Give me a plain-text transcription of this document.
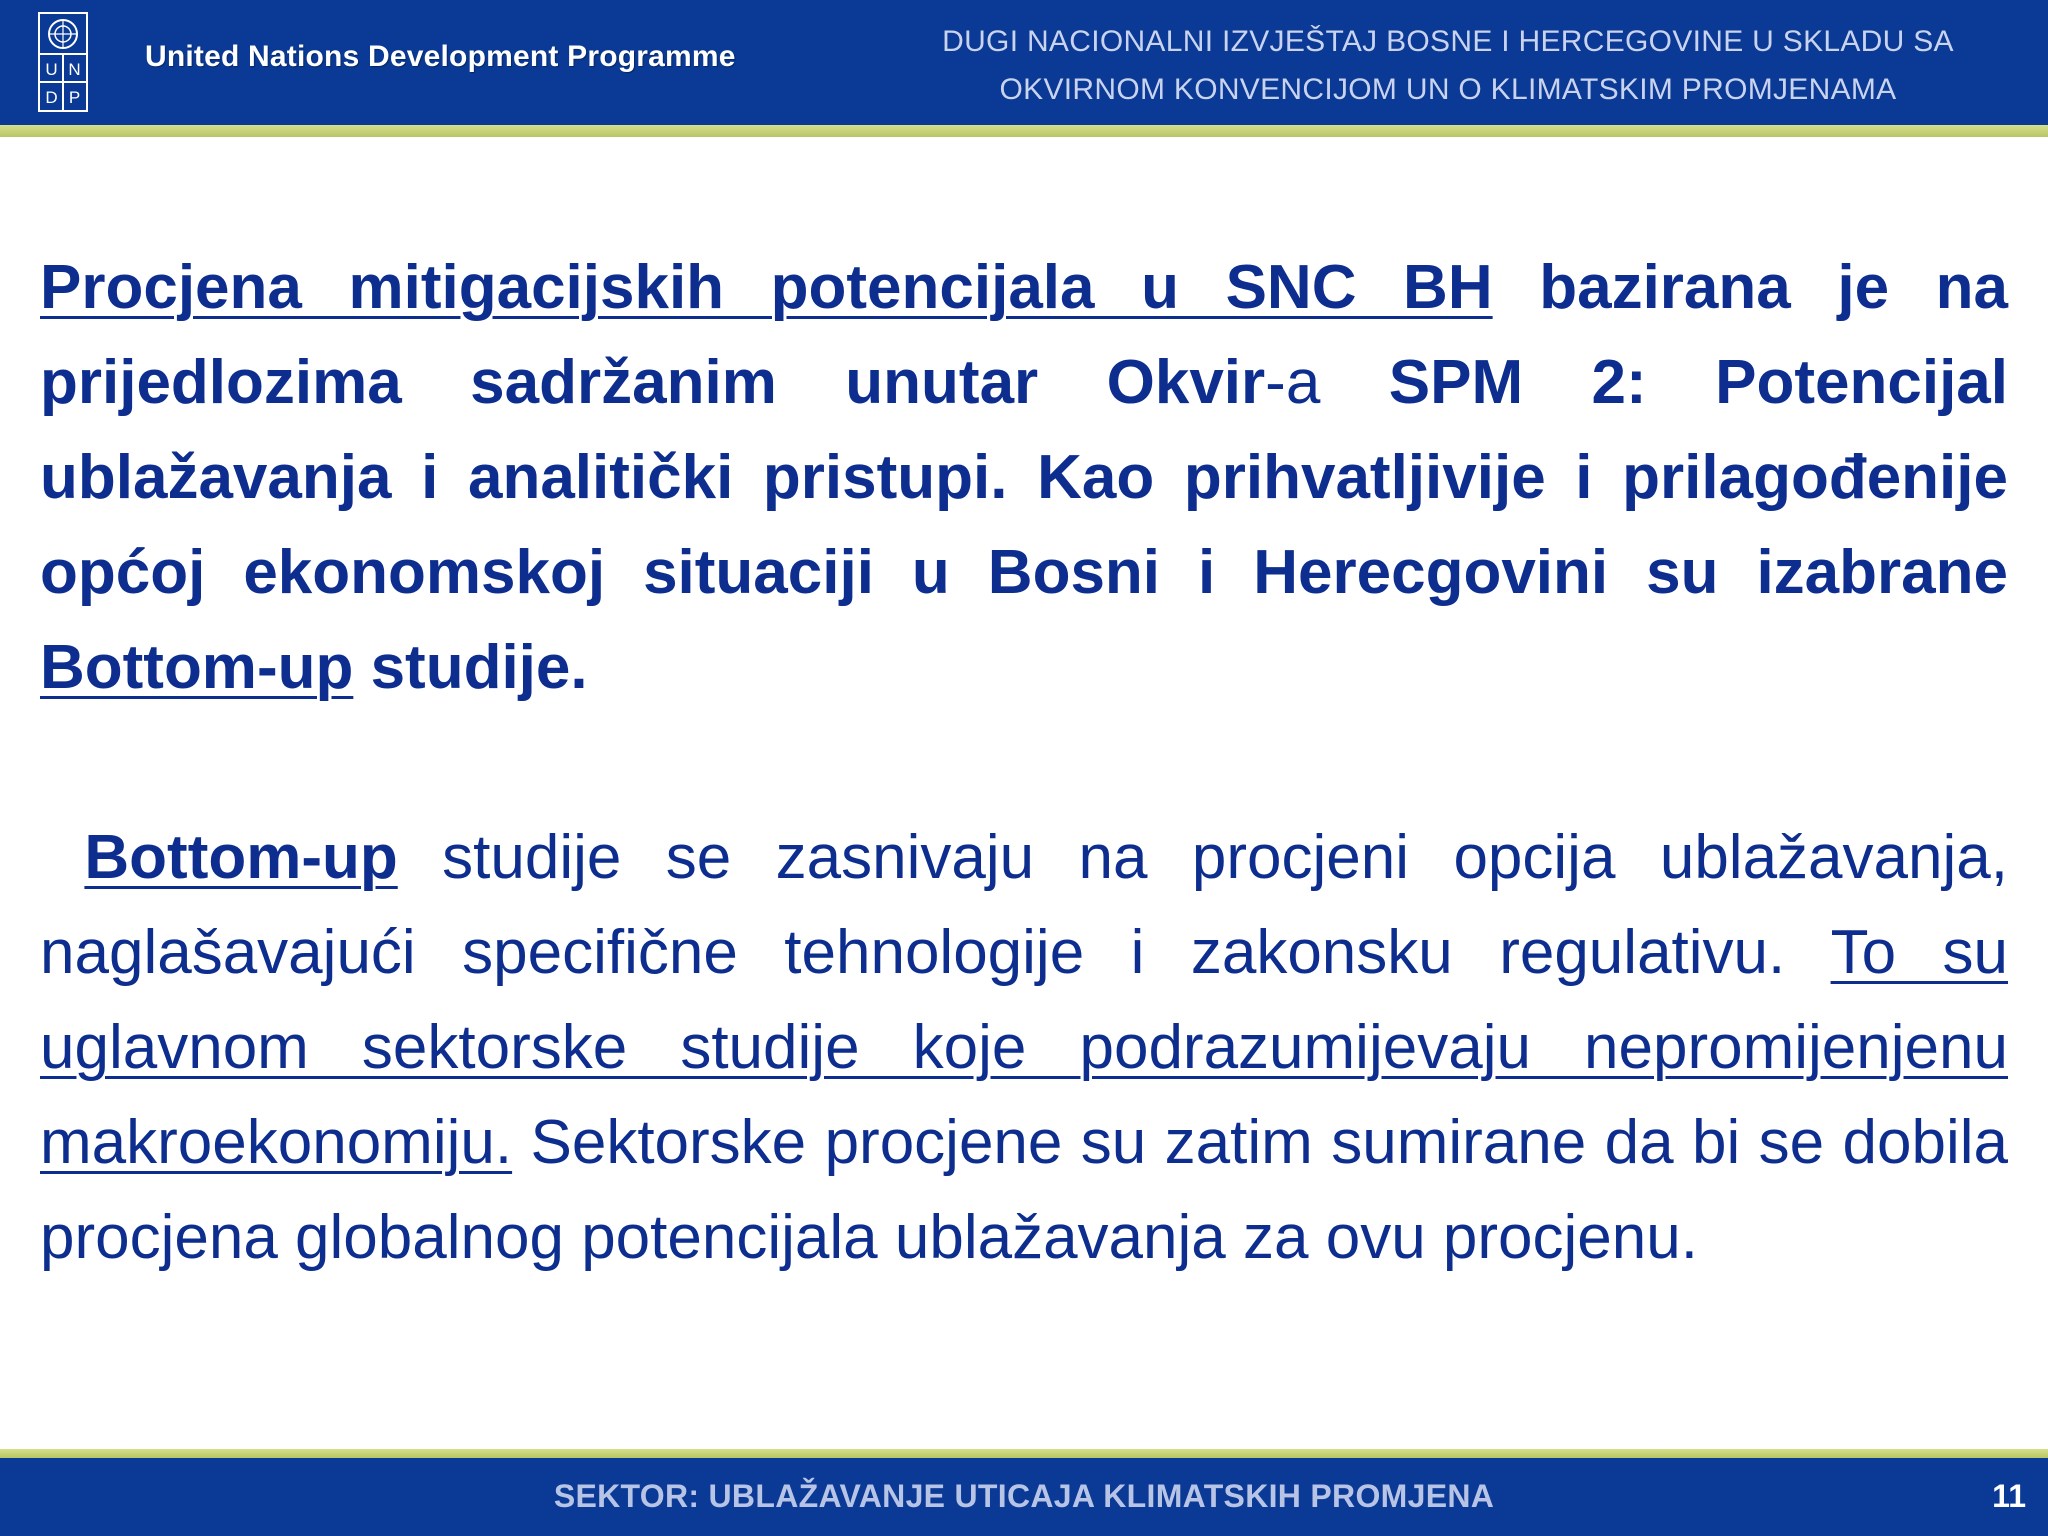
U N
D P
United Nations Development Programme	DUGI NACIONALNI IZVJEŠTAJ BOSNE I HERCEGOVINE U SKLADU SA
OKVIRNOM KONVENCIJOM UN O KLIMATSKIM PROMJENAMA

Procjena mitigacijskih potencijala u SNC BH bazirana je na prijedlozima sadržanim unutar Okvir-a SPM 2: Potencijal ublažavanja i analitički pristupi. Kao prihvatljivije i prilagođenije općoj ekonomskoj situaciji u Bosni i Herecgovini su izabrane Bottom-up studije.

Bottom-up studije se zasnivaju na procjeni opcija ublažavanja, naglašavajući specifične tehnologije i zakonsku regulativu. To su uglavnom sektorske studije koje podrazumijevaju nepromijenjenu makroekonomiju. Sektorske procjene su zatim sumirane da bi se dobila procjena globalnog potencijala ublažavanja za ovu procjenu.

SEKTOR: UBLAŽAVANJE UTICAJA KLIMATSKIH PROMJENA	11
